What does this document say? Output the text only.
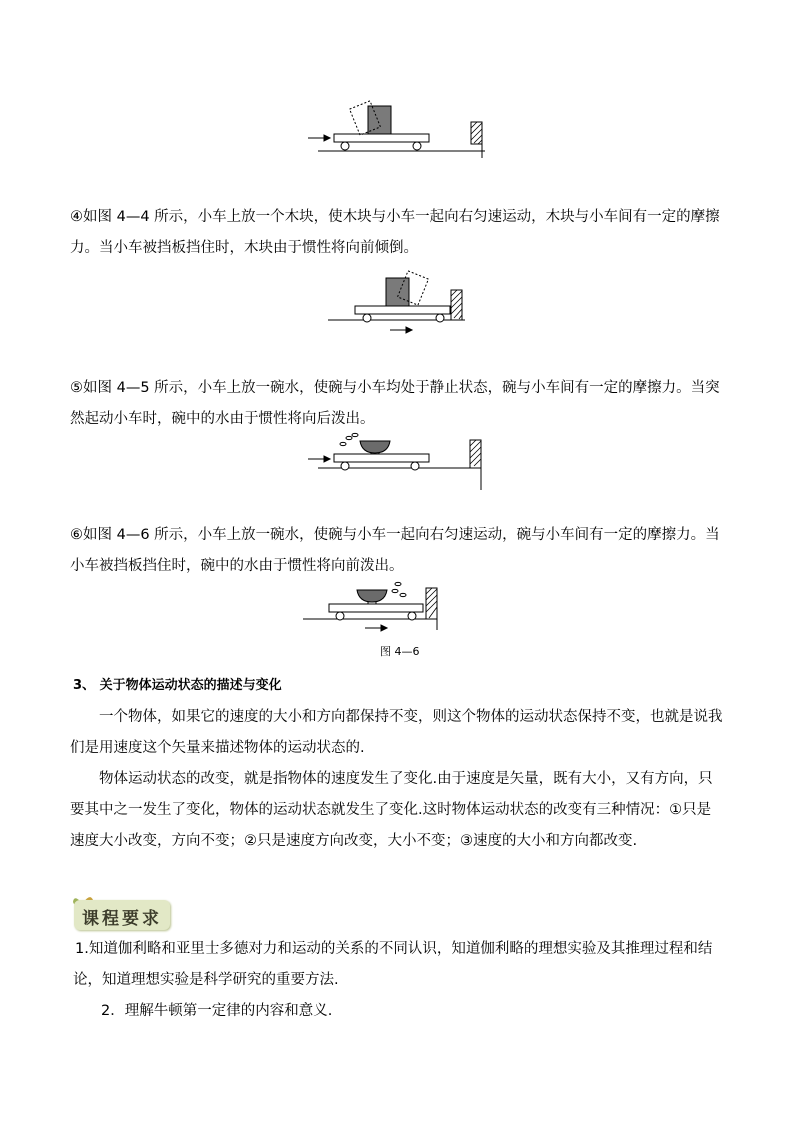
④如图 4—4 所示，小车上放一个木块，使木块与小车一起向右匀速运动，木块与小车间有一定的摩擦力。当小车被挡板挡住时，木块由于惯性将向前倾倒。

⑤如图 4—5 所示，小车上放一碗水，使碗与小车均处于静止状态，碗与小车间有一定的摩擦力。当突然起动小车时，碗中的水由于惯性将向后泼出。

⑥如图 4—6 所示，小车上放一碗水，使碗与小车一起向右匀速运动，碗与小车间有一定的摩擦力。当小车被挡板挡住时，碗中的水由于惯性将向前泼出。

图 4—6
3、 关于物体运动状态的描述与变化

一个物体，如果它的速度的大小和方向都保持不变，则这个物体的运动状态保持不变，也就是说我们是用速度这个矢量来描述物体的运动状态的.

物体运动状态的改变，就是指物体的速度发生了变化.由于速度是矢量，既有大小，又有方向，只要其中之一发生了变化，物体的运动状态就发生了变化.这时物体运动状态的改变有三种情况：①只是速度大小改变，方向不变；②只是速度方向改变，大小不变；③速度的大小和方向都改变.

课程要求

1.知道伽利略和亚里士多德对力和运动的关系的不同认识，知道伽利略的理想实验及其推理过程和结论，知道理想实验是科学研究的重要方法.

2．理解牛顿第一定律的内容和意义.
